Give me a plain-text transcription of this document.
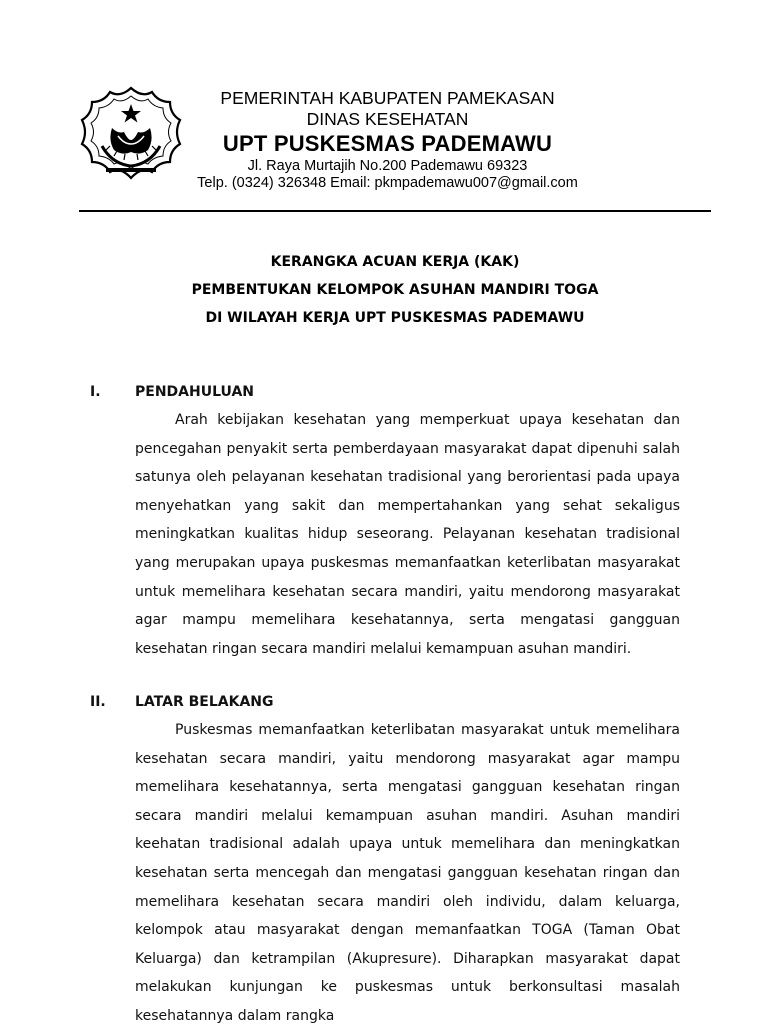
PEMERINTAH KABUPATEN PAMEKASAN
DINAS KESEHATAN
UPT PUSKESMAS PADEMAWU
Jl. Raya Murtajih No.200 Pademawu 69323
Telp. (0324) 326348 Email: pkmpademawu007@gmail.com
KERANGKA ACUAN KERJA (KAK)
PEMBENTUKAN KELOMPOK ASUHAN MANDIRI TOGA
DI WILAYAH KERJA UPT PUSKESMAS PADEMAWU
I. PENDAHULUAN
Arah kebijakan kesehatan yang memperkuat upaya kesehatan dan pencegahan penyakit serta pemberdayaan masyarakat dapat dipenuhi salah satunya oleh pelayanan kesehatan tradisional yang berorientasi pada upaya menyehatkan yang sakit dan mempertahankan yang sehat sekaligus meningkatkan kualitas hidup seseorang. Pelayanan kesehatan tradisional yang merupakan upaya puskesmas memanfaatkan keterlibatan masyarakat untuk memelihara kesehatan secara mandiri, yaitu mendorong masyarakat agar mampu memelihara kesehatannya, serta mengatasi gangguan kesehatan ringan secara mandiri melalui kemampuan asuhan mandiri.
II. LATAR BELAKANG
Puskesmas memanfaatkan keterlibatan masyarakat untuk memelihara kesehatan secara mandiri, yaitu mendorong masyarakat agar mampu memelihara kesehatannya, serta mengatasi gangguan kesehatan ringan secara mandiri melalui kemampuan asuhan mandiri. Asuhan mandiri keehatan tradisional adalah upaya untuk memelihara dan meningkatkan kesehatan serta mencegah dan mengatasi gangguan kesehatan ringan dan memelihara kesehatan secara mandiri oleh individu, dalam keluarga, kelompok atau masyarakat dengan memanfaatkan TOGA (Taman Obat Keluarga) dan ketrampilan (Akupresure). Diharapkan masyarakat dapat melakukan kunjungan ke puskesmas untuk berkonsultasi masalah kesehatannya dalam rangka
